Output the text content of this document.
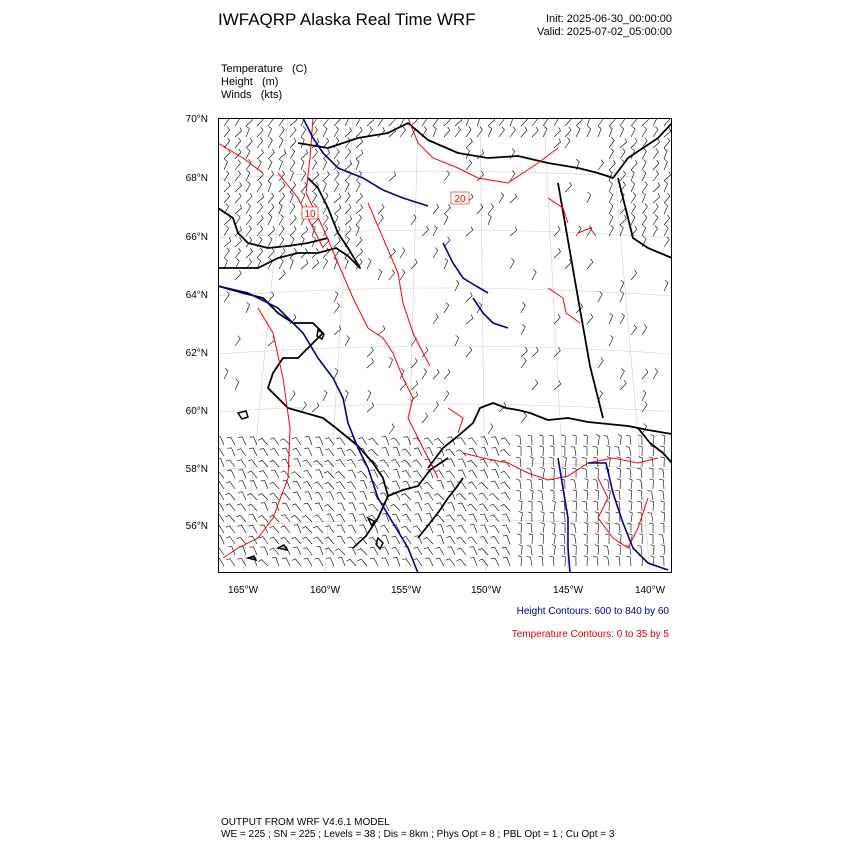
IWFAQRP Alaska Real Time WRF	Init: 2025-06-30_00:00:00
Valid: 2025-07-02_05:00:00
Temperature (C)
Height (m)
Winds (kts)
70°N
68°N
66°N
64°N
62°N
60°N
58°N
56°N
165°W	160°W	155°W	150°W	145°W	140°W
20
10
Height Contours: 600 to 840 by 60
Temperature Contours: 0 to 35 by 5
OUTPUT FROM WRF V4.6.1 MODEL
WE = 225 ; SN = 225 ; Levels = 38 ; Dis = 8km ; Phys Opt = 8 ; PBL Opt = 1 ; Cu Opt = 3
